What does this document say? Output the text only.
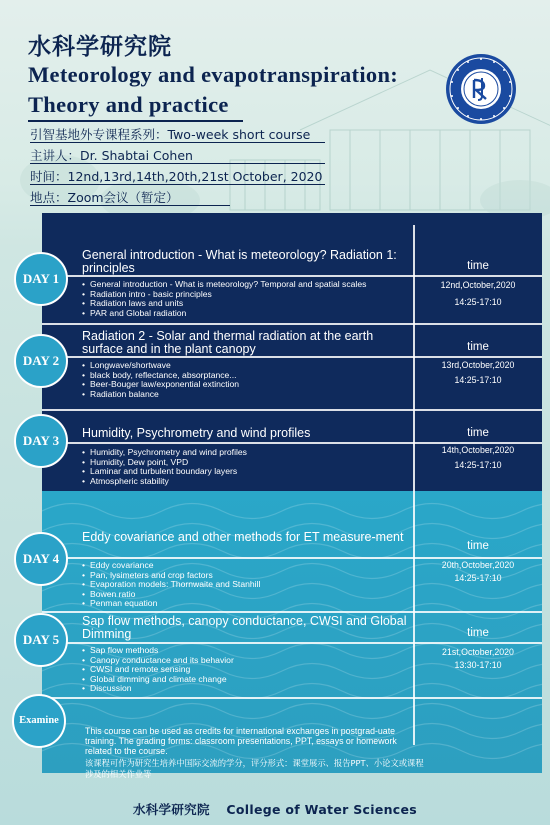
水科学研究院
Meteorology and evapotranspiration:
Theory and practice
引智基地外专课程系列：Two-week short course
主讲人：Dr. Shabtai Cohen
时间：12nd,13rd,14th,20th,21st October, 2020
地点：Zoom会议（暂定）
General introduction - What is meteorology? Radiation 1: principles	time
• General introduction - What is meteorology? Temporal and spatial scales
• Radiation intro - basic principles
• Radiation laws and units
• PAR and Global radiation
12nd,October,2020
14:25-17:10
Radiation 2 - Solar and thermal radiation at the earth surface and in the plant canopy	time
• Longwave/shortwave
• black body, reflectance, absorptance...
• Beer-Bouger law/exponential extinction
• Radiation balance
13rd,October,2020
14:25-17:10
Humidity, Psychrometry and wind profiles	time
• Humidity, Psychrometry and wind profiles
• Humidity, Dew point, VPD
• Laminar and turbulent boundary layers
• Atmospheric stability
14th,October,2020
14:25-17:10
Eddy covariance and other methods for ET measure-ment
time
• Eddy covariance
• Pan, lysimeters and crop factors
• Evaporation models: Thornwaite and Stanhill
• Bowen ratio
• Penman equation
20th,October,2020
14:25-17:10
Sap flow methods, canopy conductance, CWSI and Global Dimming	time
• Sap flow methods
• Canopy conductance and its behavior
• CWSI and remote sensing
• Global dimming and climate change
• Discussion
21st,October,2020
13:30-17:10
This course can be used as credits for international exchanges in postgrad-uate training. The grading forms: classroom presentations, PPT, essays or homework related to the course.
该课程可作为研究生培养中国际交流的学分，评分形式：课堂展示、报告PPT、小论文或课程涉及的相关作业等
DAY 1
DAY 2
DAY 3
DAY 4
DAY 5
Examine
水科学研究院 College of Water Sciences
